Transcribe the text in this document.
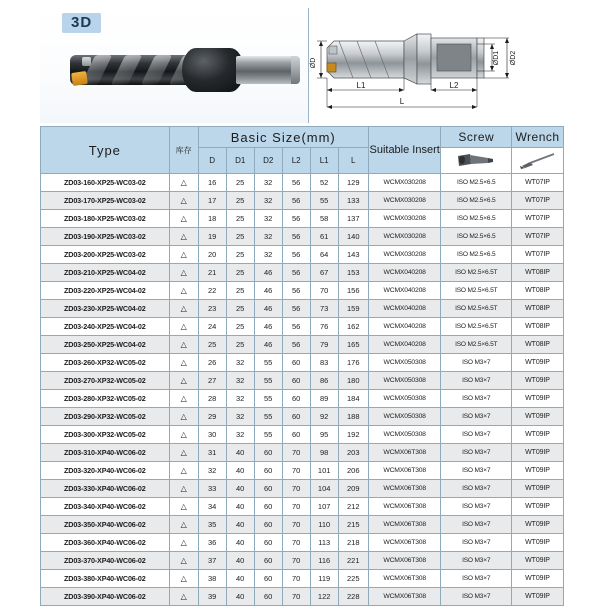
3D
L1	L2
L
ØD	ØD1 ØD2
Type	库存	Basic Size(mm)						Suitable Insert	Screw	Wrench
		D	D1	D2	L2	L1	L	

ZD03-160-XP25-WC03-02	△	16	25	32	56	52	129	WCMX030208	ISO M2.5×6.5	WT07IP
ZD03-170-XP25-WC03-02	△	17	25	32	56	55	133	WCMX030208	ISO M2.5×6.5	WT07IP
ZD03-180-XP25-WC03-02	△	18	25	32	56	58	137	WCMX030208	ISO M2.5×6.5	WT07IP
ZD03-190-XP25-WC03-02	△	19	25	32	56	61	140	WCMX030208	ISO M2.5×6.5	WT07IP
ZD03-200-XP25-WC03-02	△	20	25	32	56	64	143	WCMX030208	ISO M2.5×6.5	WT07IP
ZD03-210-XP25-WC04-02	△	21	25	46	56	67	153	WCMX040208	ISO M2.5×6.5T	WT08IP
ZD03-220-XP25-WC04-02	△	22	25	46	56	70	156	WCMX040208	ISO M2.5×6.5T	WT08IP
ZD03-230-XP25-WC04-02	△	23	25	46	56	73	159	WCMX040208	ISO M2.5×6.5T	WT08IP
ZD03-240-XP25-WC04-02	△	24	25	46	56	76	162	WCMX040208	ISO M2.5×6.5T	WT08IP
ZD03-250-XP25-WC04-02	△	25	25	46	56	79	165	WCMX040208	ISO M2.5×6.5T	WT08IP
ZD03-260-XP32-WC05-02	△	26	32	55	60	83	176	WCMX050308	ISO M3×7	WT09IP
ZD03-270-XP32-WC05-02	△	27	32	55	60	86	180	WCMX050308	ISO M3×7	WT09IP
ZD03-280-XP32-WC05-02	△	28	32	55	60	89	184	WCMX050308	ISO M3×7	WT09IP
ZD03-290-XP32-WC05-02	△	29	32	55	60	92	188	WCMX050308	ISO M3×7	WT09IP
ZD03-300-XP32-WC05-02	△	30	32	55	60	95	192	WCMX050308	ISO M3×7	WT09IP
ZD03-310-XP40-WC06-02	△	31	40	60	70	98	203	WCMX06T308	ISO M3×7	WT09IP
ZD03-320-XP40-WC06-02	△	32	40	60	70	101	206	WCMX06T308	ISO M3×7	WT09IP
ZD03-330-XP40-WC06-02	△	33	40	60	70	104	209	WCMX06T308	ISO M3×7	WT09IP
ZD03-340-XP40-WC06-02	△	34	40	60	70	107	212	WCMX06T308	ISO M3×7	WT09IP
ZD03-350-XP40-WC06-02	△	35	40	60	70	110	215	WCMX06T308	ISO M3×7	WT09IP
ZD03-360-XP40-WC06-02	△	36	40	60	70	113	218	WCMX06T308	ISO M3×7	WT09IP
ZD03-370-XP40-WC06-02	△	37	40	60	70	116	221	WCMX06T308	ISO M3×7	WT09IP
ZD03-380-XP40-WC06-02	△	38	40	60	70	119	225	WCMX06T308	ISO M3×7	WT09IP
ZD03-390-XP40-WC06-02	△	39	40	60	70	122	228	WCMX06T308	ISO M3×7	WT09IP
